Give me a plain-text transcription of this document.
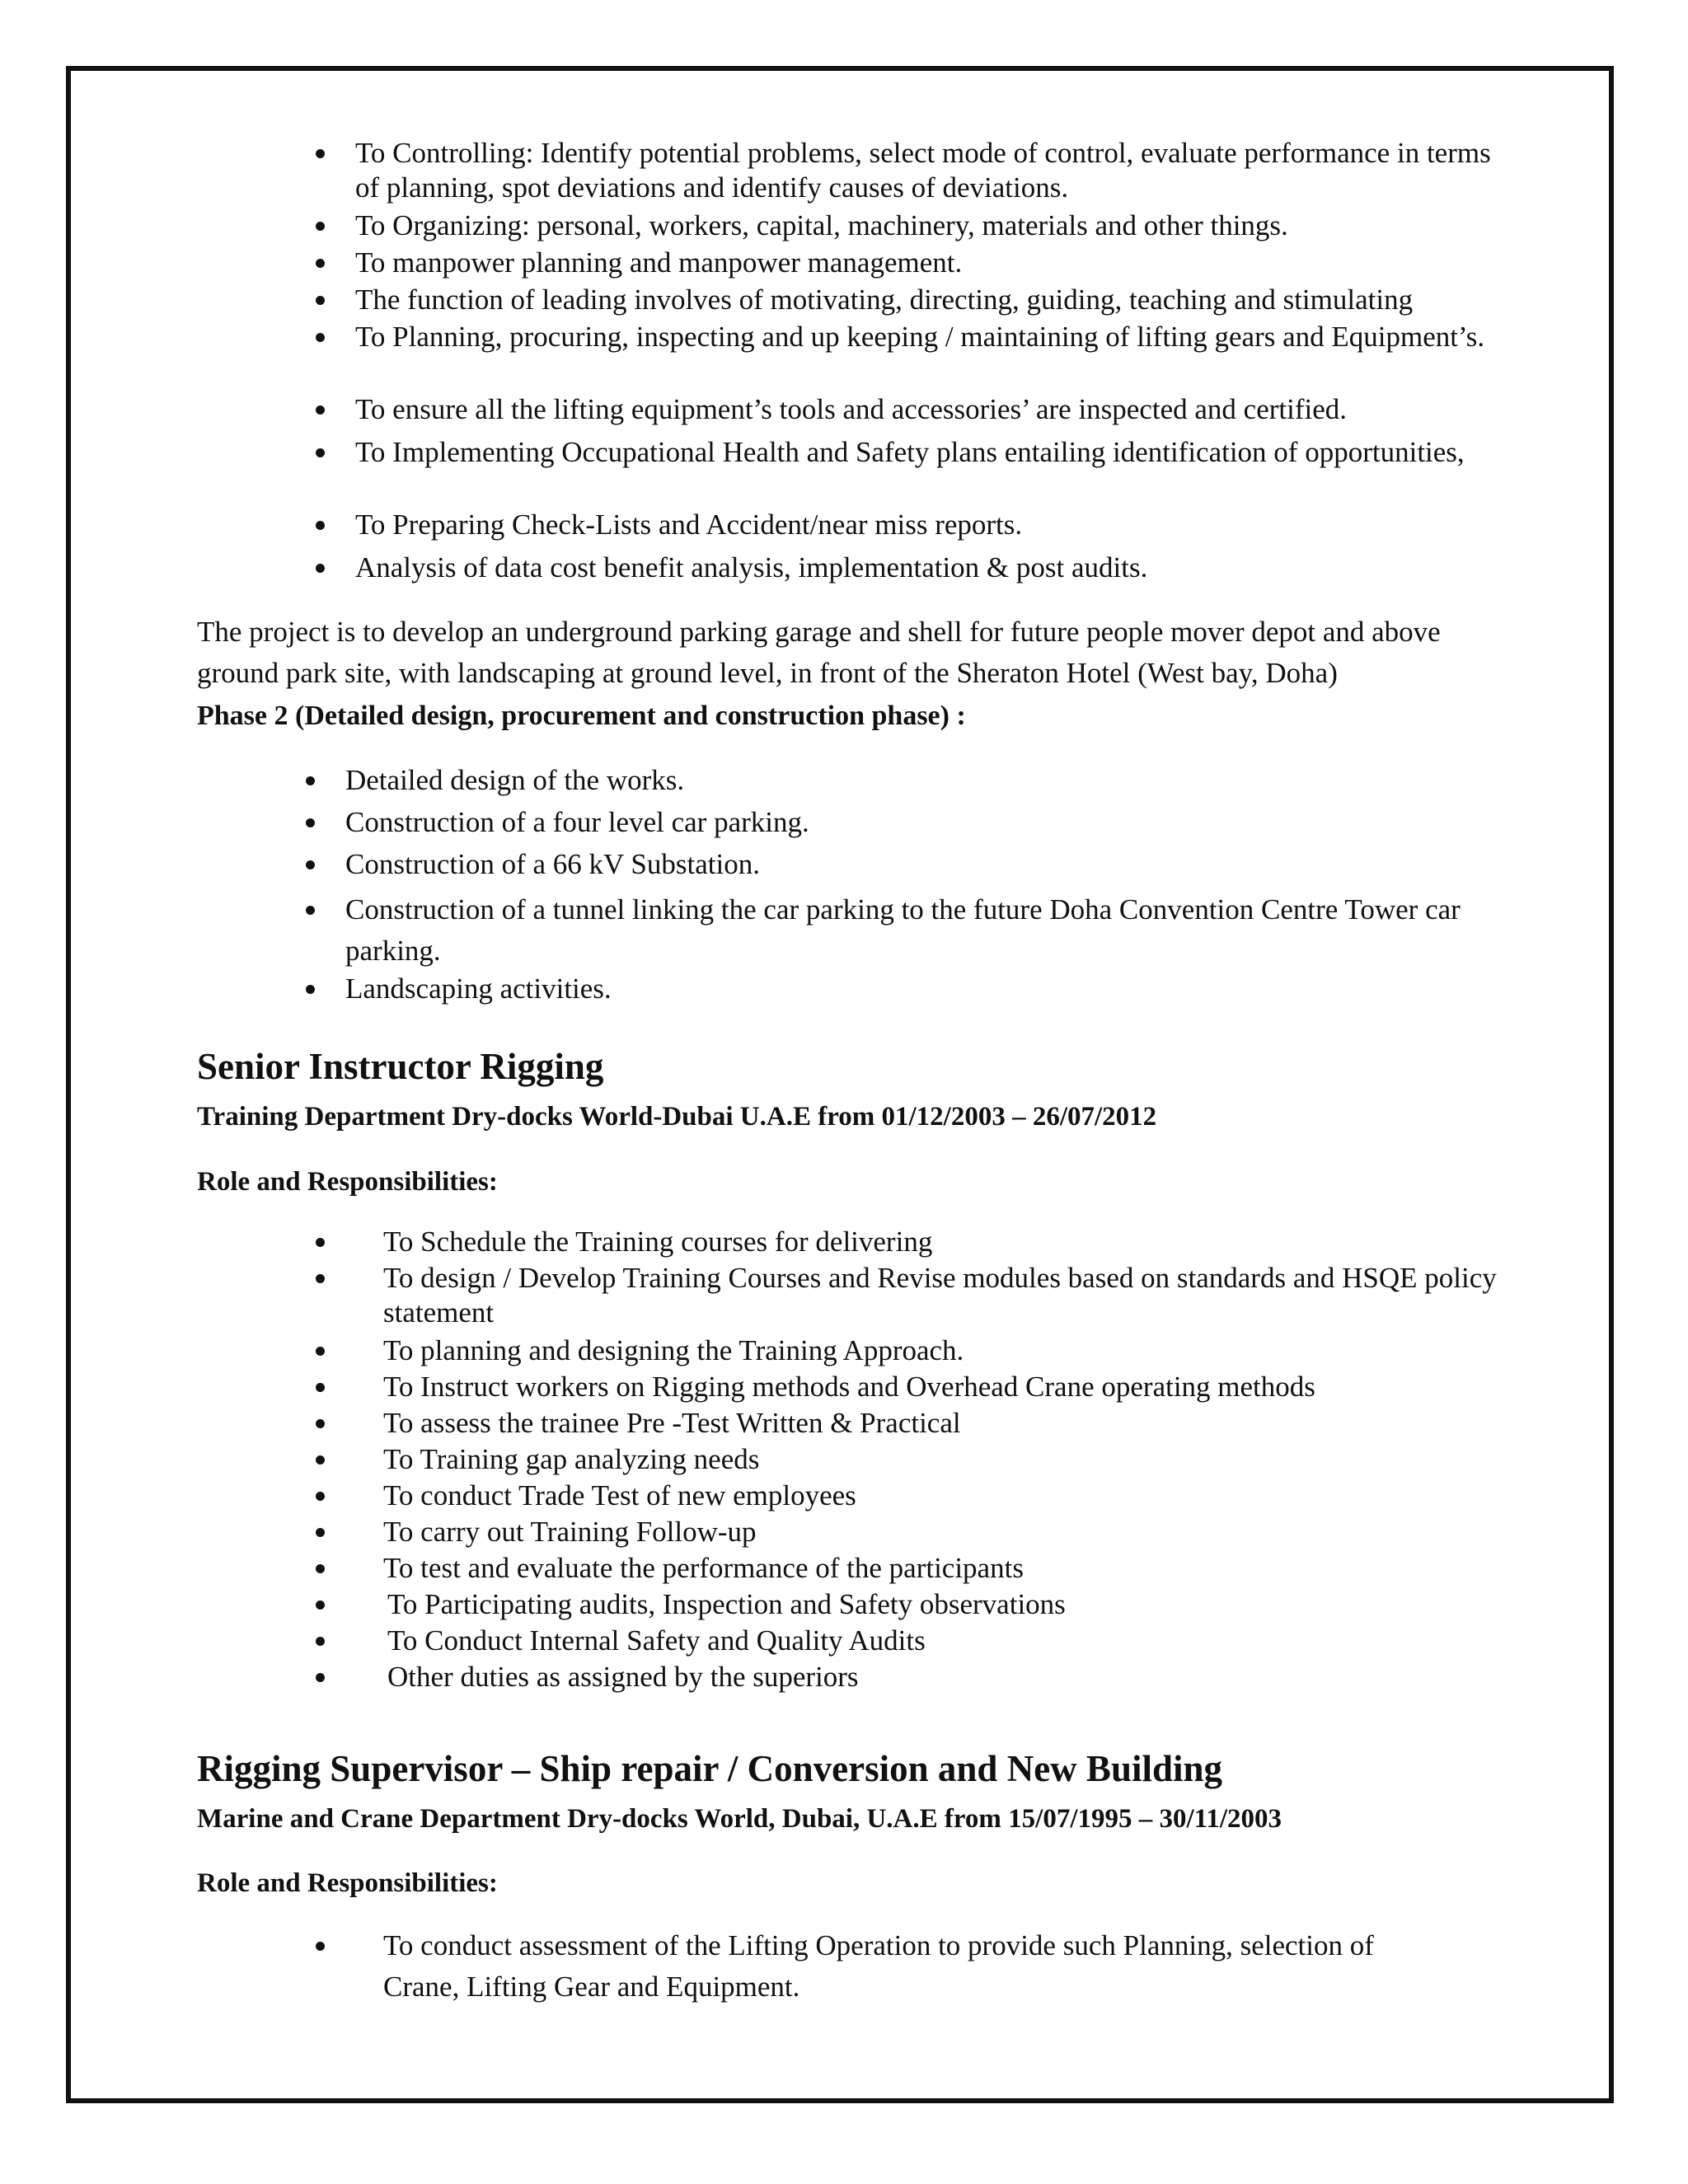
To Controlling: Identify potential problems, select mode of control, evaluate performance in terms of planning, spot deviations and identify causes of deviations.
To Organizing: personal, workers, capital, machinery, materials and other things.
To manpower planning and manpower management.
The function of leading involves of motivating, directing, guiding, teaching and stimulating
To Planning, procuring, inspecting and up keeping / maintaining of lifting gears and Equipment’s.
To ensure all the lifting equipment’s tools and accessories’ are inspected and certified.
To Implementing Occupational Health and Safety plans entailing identification of opportunities,
To Preparing Check-Lists and Accident/near miss reports.
Analysis of data cost benefit analysis, implementation & post audits.

The project is to develop an underground parking garage and shell for future people mover depot and above ground park site, with landscaping at ground level, in front of the Sheraton Hotel (West bay, Doha)

Phase 2 (Detailed design, procurement and construction phase) :

Detailed design of the works.
Construction of a four level car parking.
Construction of a 66 kV Substation.
Construction of a tunnel linking the car parking to the future Doha Convention Centre Tower car parking.
Landscaping activities.
Senior Instructor Rigging
Training Department Dry-docks World-Dubai U.A.E from 01/12/2003 – 26/07/2012
Role and Responsibilities:
To Schedule the Training courses for delivering
To design / Develop Training Courses and Revise modules based on standards and HSQE policy statement
To planning and designing the Training Approach.
To Instruct workers on Rigging methods and Overhead Crane operating methods
To assess the trainee Pre -Test Written & Practical
To Training gap analyzing needs
To conduct Trade Test of new employees
To carry out Training Follow-up
To test and evaluate the performance of the participants
To Participating audits, Inspection and Safety observations
To Conduct Internal Safety and Quality Audits
Other duties as assigned by the superiors
Rigging Supervisor – Ship repair / Conversion and New Building
Marine and Crane Department Dry-docks World, Dubai, U.A.E from 15/07/1995 – 30/11/2003
Role and Responsibilities:
To conduct assessment of the Lifting Operation to provide such Planning, selection of Crane, Lifting Gear and Equipment.
